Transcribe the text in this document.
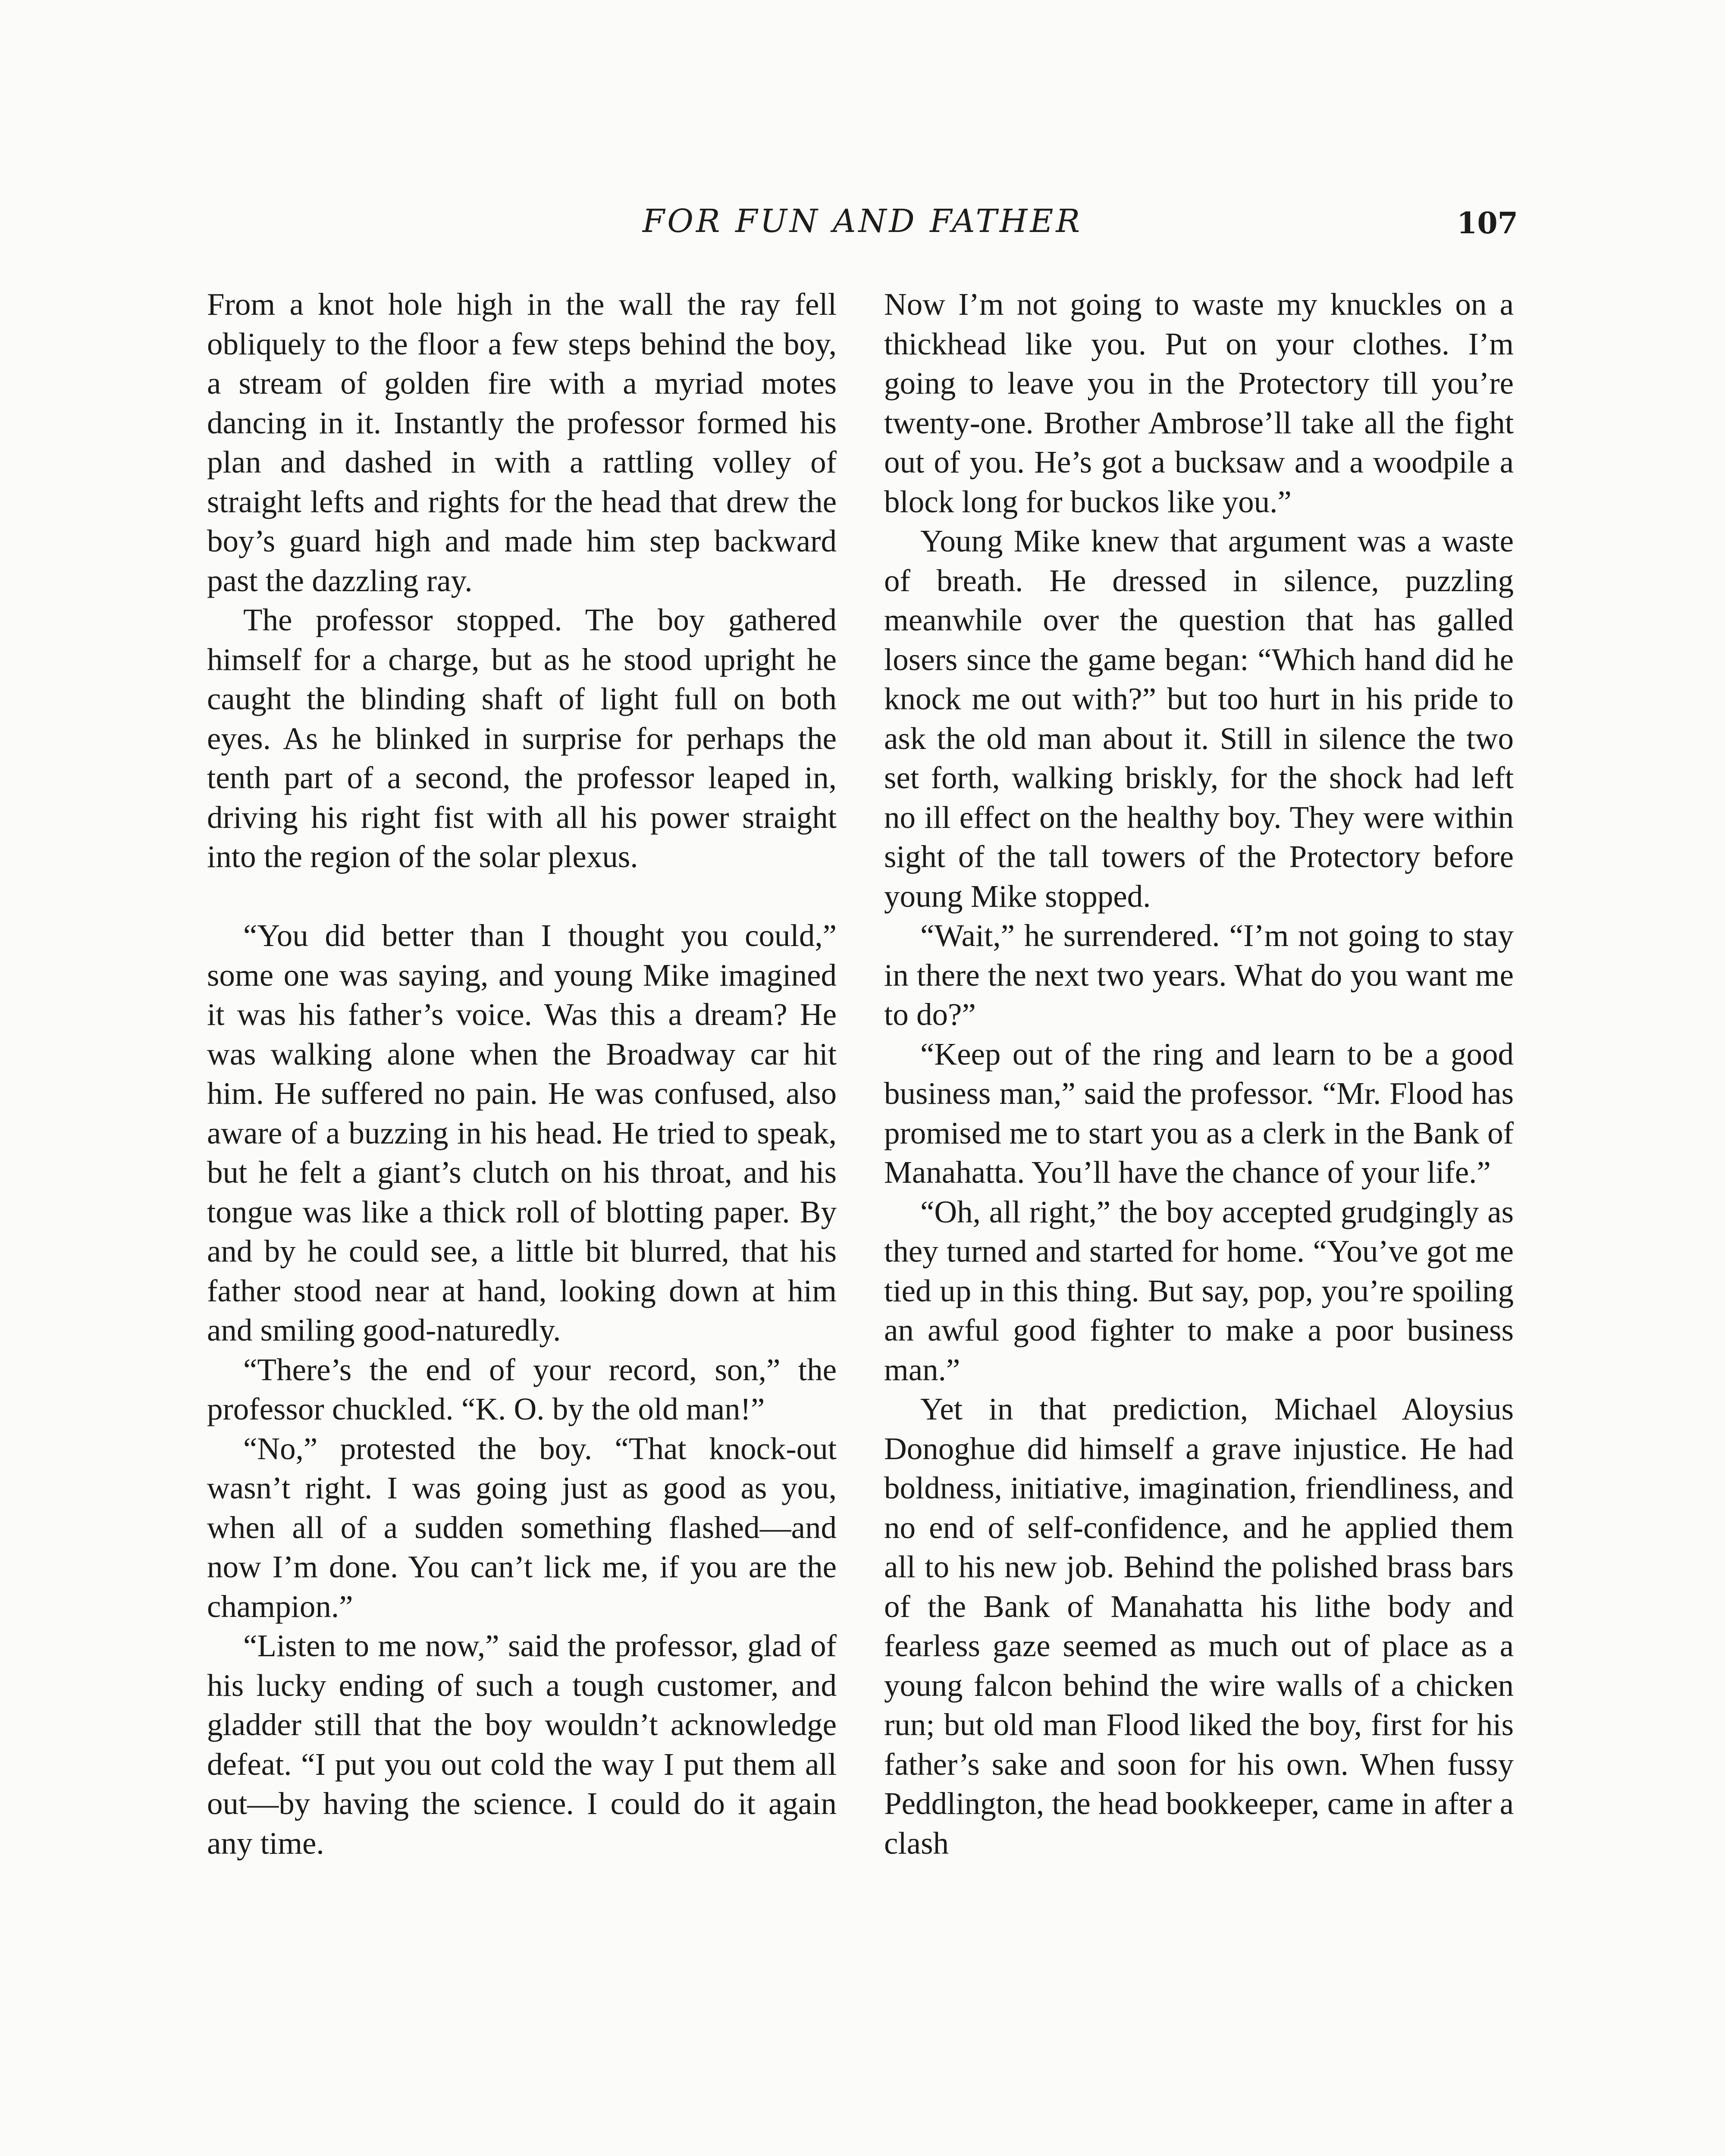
FOR FUN AND FATHER	107

From a knot hole high in the wall the ray fell obliquely to the floor a few steps behind the boy, a stream of golden fire with a myriad motes dancing in it. Instantly the professor formed his plan and dashed in with a rattling volley of straight lefts and rights for the head that drew the boy’s guard high and made him step backward past the dazzling ray.

The professor stopped. The boy gathered himself for a charge, but as he stood upright he caught the blinding shaft of light full on both eyes. As he blinked in surprise for perhaps the tenth part of a second, the professor leaped in, driving his right fist with all his power straight into the region of the solar plexus.

“You did better than I thought you could,” some one was saying, and young Mike imagined it was his father’s voice. Was this a dream? He was walking alone when the Broadway car hit him. He suffered no pain. He was confused, also aware of a buzzing in his head. He tried to speak, but he felt a giant’s clutch on his throat, and his tongue was like a thick roll of blotting paper. By and by he could see, a little bit blurred, that his father stood near at hand, looking down at him and smiling good-naturedly.

“There’s the end of your record, son,” the professor chuckled. “K. O. by the old man!”

“No,” protested the boy. “That knock-out wasn’t right. I was going just as good as you, when all of a sudden something flashed—and now I’m done. You can’t lick me, if you are the champion.”

“Listen to me now,” said the professor, glad of his lucky ending of such a tough customer, and gladder still that the boy wouldn’t acknowledge defeat. “I put you out cold the way I put them all out—by having the science. I could do it again any time.

Now I’m not going to waste my knuckles on a thickhead like you. Put on your clothes. I’m going to leave you in the Protectory till you’re twenty-one. Brother Ambrose’ll take all the fight out of you. He’s got a bucksaw and a woodpile a block long for buckos like you.”

Young Mike knew that argument was a waste of breath. He dressed in silence, puzzling meanwhile over the question that has galled losers since the game began: “Which hand did he knock me out with?” but too hurt in his pride to ask the old man about it. Still in silence the two set forth, walking briskly, for the shock had left no ill effect on the healthy boy. They were within sight of the tall towers of the Protectory before young Mike stopped.

“Wait,” he surrendered. “I’m not going to stay in there the next two years. What do you want me to do?”

“Keep out of the ring and learn to be a good business man,” said the professor. “Mr. Flood has promised me to start you as a clerk in the Bank of Manahatta. You’ll have the chance of your life.”

“Oh, all right,” the boy accepted grudgingly as they turned and started for home. “You’ve got me tied up in this thing. But say, pop, you’re spoiling an awful good fighter to make a poor business man.”

Yet in that prediction, Michael Aloysius Donoghue did himself a grave injustice. He had boldness, initiative, imagination, friendliness, and no end of self-confidence, and he applied them all to his new job. Behind the polished brass bars of the Bank of Manahatta his lithe body and fearless gaze seemed as much out of place as a young falcon behind the wire walls of a chicken run; but old man Flood liked the boy, first for his father’s sake and soon for his own. When fussy Peddlington, the head bookkeeper, came in after a clash
